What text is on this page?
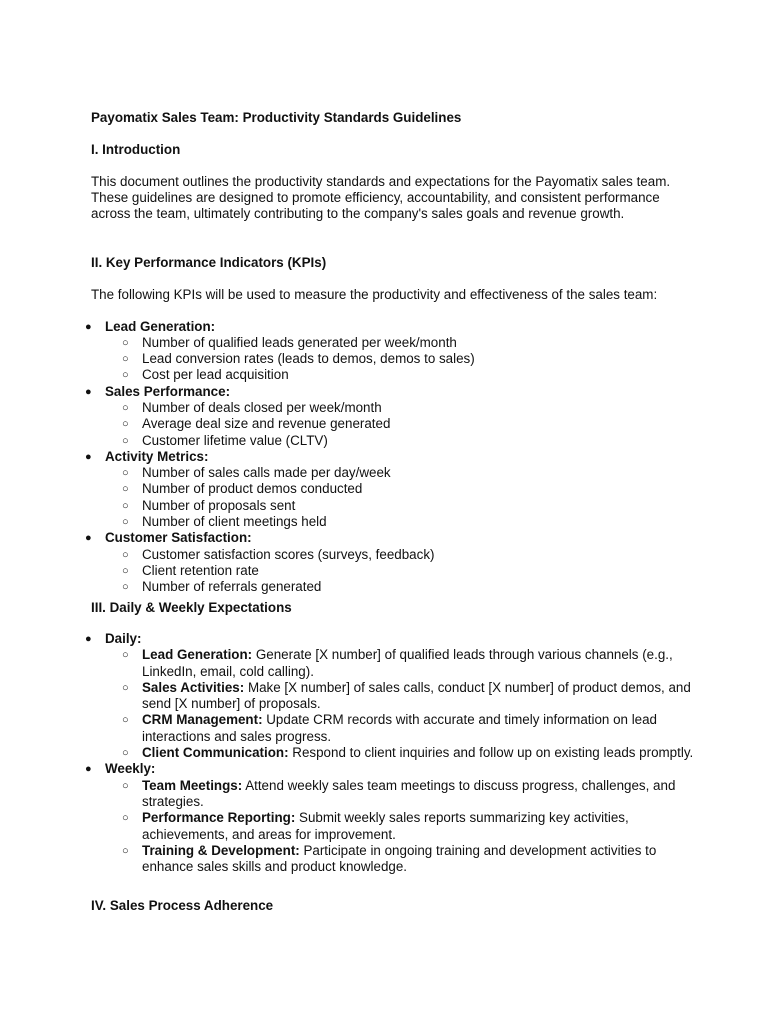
Payomatix Sales Team: Productivity Standards Guidelines
I. Introduction
This document outlines the productivity standards and expectations for the Payomatix sales team. These guidelines are designed to promote efficiency, accountability, and consistent performance across the team, ultimately contributing to the company's sales goals and revenue growth.
II. Key Performance Indicators (KPIs)
The following KPIs will be used to measure the productivity and effectiveness of the sales team:
● Lead Generation:
○ Number of qualified leads generated per week/month
○ Lead conversion rates (leads to demos, demos to sales)
○ Cost per lead acquisition
● Sales Performance:
○ Number of deals closed per week/month
○ Average deal size and revenue generated
○ Customer lifetime value (CLTV)
● Activity Metrics:
○ Number of sales calls made per day/week
○ Number of product demos conducted
○ Number of proposals sent
○ Number of client meetings held
● Customer Satisfaction:
○ Customer satisfaction scores (surveys, feedback)
○ Client retention rate
○ Number of referrals generated
III. Daily & Weekly Expectations
● Daily:
○ Lead Generation: Generate [X number] of qualified leads through various channels (e.g., LinkedIn, email, cold calling).
○ Sales Activities: Make [X number] of sales calls, conduct [X number] of product demos, and send [X number] of proposals.
○ CRM Management: Update CRM records with accurate and timely information on lead interactions and sales progress.
○ Client Communication: Respond to client inquiries and follow up on existing leads promptly.
● Weekly:
○ Team Meetings: Attend weekly sales team meetings to discuss progress, challenges, and strategies.
○ Performance Reporting: Submit weekly sales reports summarizing key activities, achievements, and areas for improvement.
○ Training & Development: Participate in ongoing training and development activities to enhance sales skills and product knowledge.
IV. Sales Process Adherence
